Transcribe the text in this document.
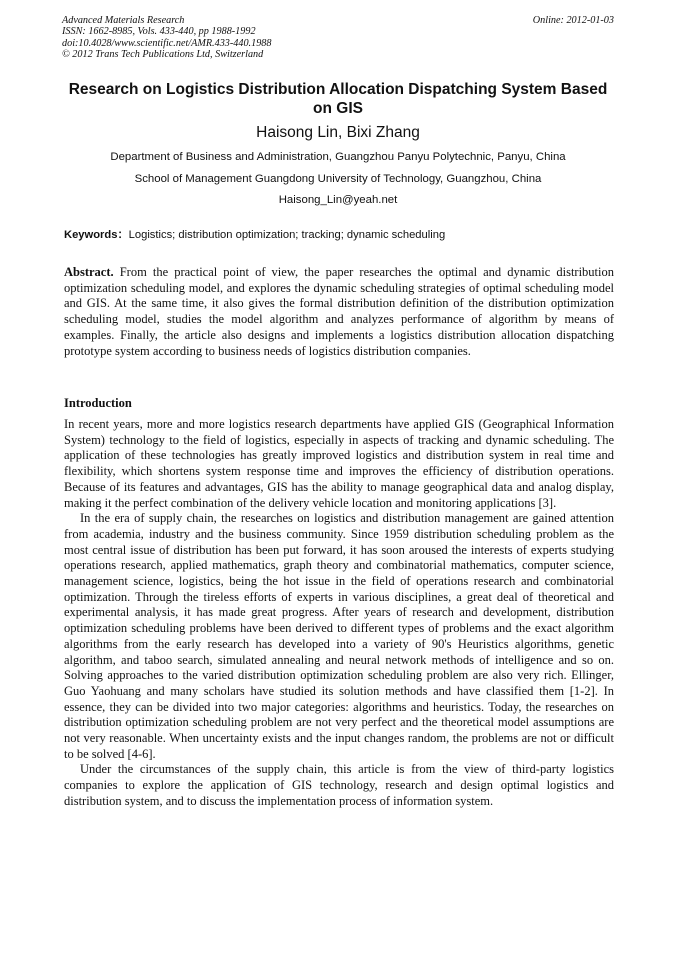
Advanced Materials Research
ISSN: 1662-8985, Vols. 433-440, pp 1988-1992
doi:10.4028/www.scientific.net/AMR.433-440.1988
© 2012 Trans Tech Publications Ltd, Switzerland
Online: 2012-01-03
Research on Logistics Distribution Allocation Dispatching System Based on GIS
Haisong Lin, Bixi Zhang
Department of Business and Administration, Guangzhou Panyu Polytechnic, Panyu, China
School of Management Guangdong University of Technology, Guangzhou, China
Haisong_Lin@yeah.net
Keywords：Logistics; distribution optimization; tracking; dynamic scheduling

Abstract. From the practical point of view, the paper researches the optimal and dynamic distribution optimization scheduling model, and explores the dynamic scheduling strategies of optimal scheduling model and GIS. At the same time, it also gives the formal distribution definition of the distribution optimization scheduling model, studies the model algorithm and analyzes performance of algorithm by means of examples. Finally, the article also designs and implements a logistics distribution allocation dispatching prototype system according to business needs of logistics distribution companies.

Introduction

In recent years, more and more logistics research departments have applied GIS (Geographical Information System) technology to the field of logistics, especially in aspects of tracking and dynamic scheduling. The application of these technologies has greatly improved logistics and distribution system in real time and flexibility, which shortens system response time and improves the efficiency of distribution operations. Because of its features and advantages, GIS has the ability to manage geographical data and analog display, making it the perfect combination of the delivery vehicle location and monitoring applications [3].

In the era of supply chain, the researches on logistics and distribution management are gained attention from academia, industry and the business community. Since 1959 distribution scheduling problem as the most central issue of distribution has been put forward, it has soon aroused the interests of experts studying operations research, applied mathematics, graph theory and combinatorial mathematics, computer science, management science, logistics, being the hot issue in the field of operations research and combinatorial optimization. Through the tireless efforts of experts in various disciplines, a great deal of theoretical and experimental analysis, it has made great progress. After years of research and development, distribution optimization scheduling problems have been derived to different types of problems and the exact algorithm algorithms from the early research has developed into a variety of 90's Heuristics algorithms, genetic algorithm, and taboo search, simulated annealing and neural network methods of intelligence and so on. Solving approaches to the varied distribution optimization scheduling problem are also very rich. Ellinger, Guo Yaohuang and many scholars have studied its solution methods and have classified them [1-2]. In essence, they can be divided into two major categories: algorithms and heuristics. Today, the researches on distribution optimization scheduling problem are not very perfect and the theoretical model assumptions are not very reasonable. When uncertainty exists and the input changes random, the problems are not or difficult to be solved [4-6].

Under the circumstances of the supply chain, this article is from the view of third-party logistics companies to explore the application of GIS technology, research and design optimal logistics and distribution system, and to discuss the implementation process of information system.
